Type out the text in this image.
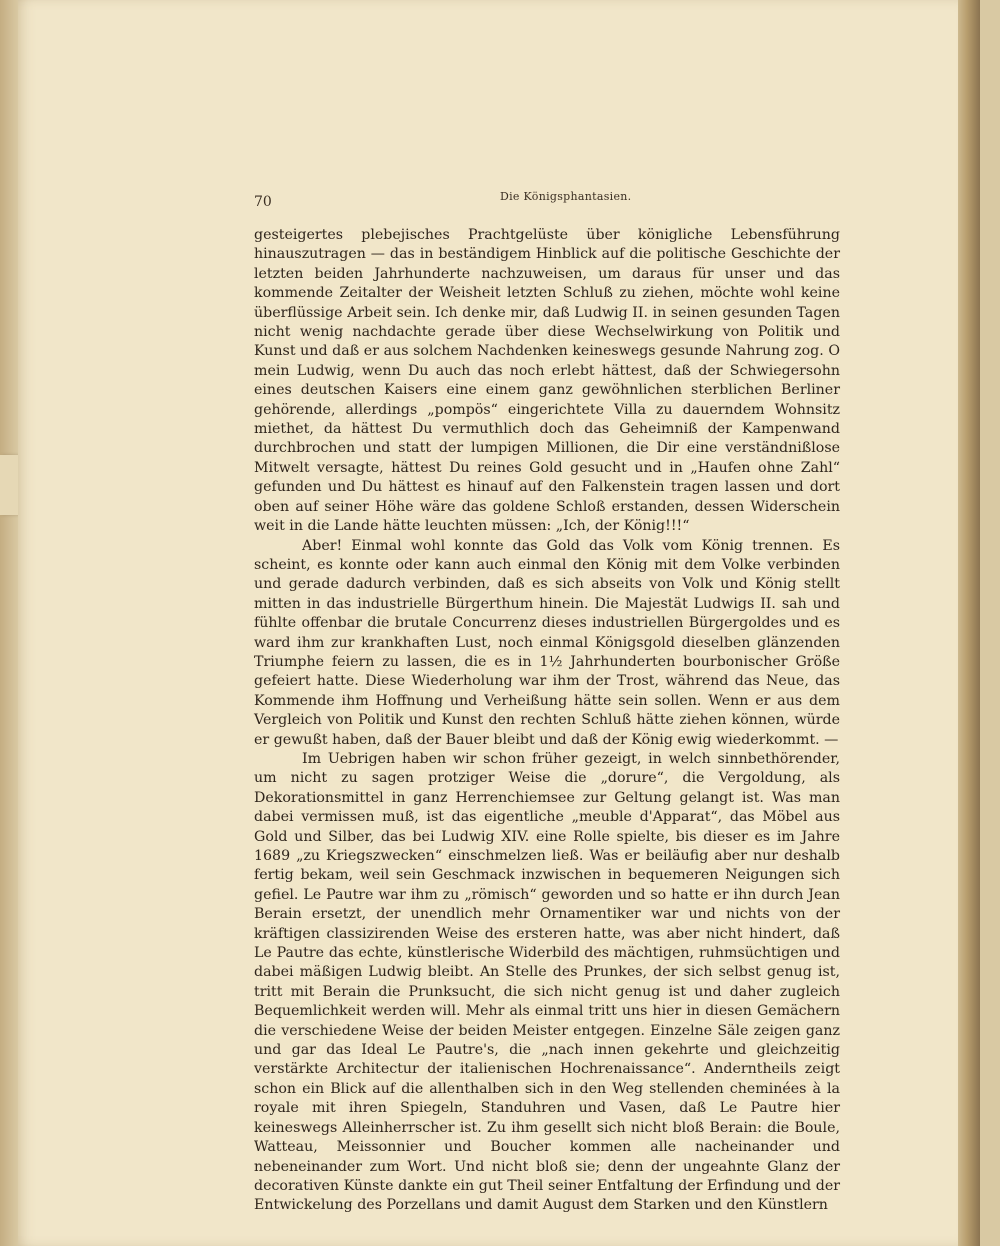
70	Die Königsphantasien.

gesteigertes plebejisches Prachtgelüste über königliche Lebensführung hinauszutragen — das in beständigem Hinblick auf die politische Geschichte der letzten beiden Jahrhunderte nachzuweisen, um daraus für unser und das kommende Zeitalter der Weisheit letzten Schluß zu ziehen, möchte wohl keine überflüssige Arbeit sein. Ich denke mir, daß Ludwig II. in seinen gesunden Tagen nicht wenig nachdachte gerade über diese Wechselwirkung von Politik und Kunst und daß er aus solchem Nachdenken keineswegs gesunde Nahrung zog. O mein Ludwig, wenn Du auch das noch erlebt hättest, daß der Schwiegersohn eines deutschen Kaisers eine einem ganz gewöhnlichen sterblichen Berliner gehörende, allerdings „pompös“ eingerichtete Villa zu dauerndem Wohnsitz miethet, da hättest Du vermuthlich doch das Geheimniß der Kampenwand durchbrochen und statt der lumpigen Millionen, die Dir eine verständnißlose Mitwelt versagte, hättest Du reines Gold gesucht und in „Haufen ohne Zahl“ gefunden und Du hättest es hinauf auf den Falkenstein tragen lassen und dort oben auf seiner Höhe wäre das goldene Schloß erstanden, dessen Widerschein weit in die Lande hätte leuchten müssen: „Ich, der König!!!“

Aber! Einmal wohl konnte das Gold das Volk vom König trennen. Es scheint, es konnte oder kann auch einmal den König mit dem Volke verbinden und gerade dadurch verbinden, daß es sich abseits von Volk und König stellt mitten in das industrielle Bürgerthum hinein. Die Majestät Ludwigs II. sah und fühlte offenbar die brutale Concurrenz dieses industriellen Bürgergoldes und es ward ihm zur krankhaften Lust, noch einmal Königsgold dieselben glänzenden Triumphe feiern zu lassen, die es in 1½ Jahrhunderten bourbonischer Größe gefeiert hatte. Diese Wiederholung war ihm der Trost, während das Neue, das Kommende ihm Hoffnung und Verheißung hätte sein sollen. Wenn er aus dem Vergleich von Politik und Kunst den rechten Schluß hätte ziehen können, würde er gewußt haben, daß der Bauer bleibt und daß der König ewig wiederkommt. —

Im Uebrigen haben wir schon früher gezeigt, in welch sinnbethörender, um nicht zu sagen protziger Weise die „dorure“, die Vergoldung, als Dekorationsmittel in ganz Herrenchiemsee zur Geltung gelangt ist. Was man dabei vermissen muß, ist das eigentliche „meuble d'Apparat“, das Möbel aus Gold und Silber, das bei Ludwig XIV. eine Rolle spielte, bis dieser es im Jahre 1689 „zu Kriegszwecken“ einschmelzen ließ. Was er beiläufig aber nur deshalb fertig bekam, weil sein Geschmack inzwischen in bequemeren Neigungen sich gefiel. Le Pautre war ihm zu „römisch“ geworden und so hatte er ihn durch Jean Berain ersetzt, der unendlich mehr Ornamentiker war und nichts von der kräftigen classizirenden Weise des ersteren hatte, was aber nicht hindert, daß Le Pautre das echte, künstlerische Widerbild des mächtigen, ruhmsüchtigen und dabei mäßigen Ludwig bleibt. An Stelle des Prunkes, der sich selbst genug ist, tritt mit Berain die Prunksucht, die sich nicht genug ist und daher zugleich Bequemlichkeit werden will. Mehr als einmal tritt uns hier in diesen Gemächern die verschiedene Weise der beiden Meister entgegen. Einzelne Säle zeigen ganz und gar das Ideal Le Pautre's, die „nach innen gekehrte und gleichzeitig verstärkte Architectur der italienischen Hochrenaissance“. Anderntheils zeigt schon ein Blick auf die allenthalben sich in den Weg stellenden cheminées à la royale mit ihren Spiegeln, Standuhren und Vasen, daß Le Pautre hier keineswegs Alleinherrscher ist. Zu ihm gesellt sich nicht bloß Berain: die Boule, Watteau, Meissonnier und Boucher kommen alle nacheinander und nebeneinander zum Wort. Und nicht bloß sie; denn der ungeahnte Glanz der decorativen Künste dankte ein gut Theil seiner Entfaltung der Erfindung und der Entwickelung des Porzellans und damit August dem Starken und den Künstlern
